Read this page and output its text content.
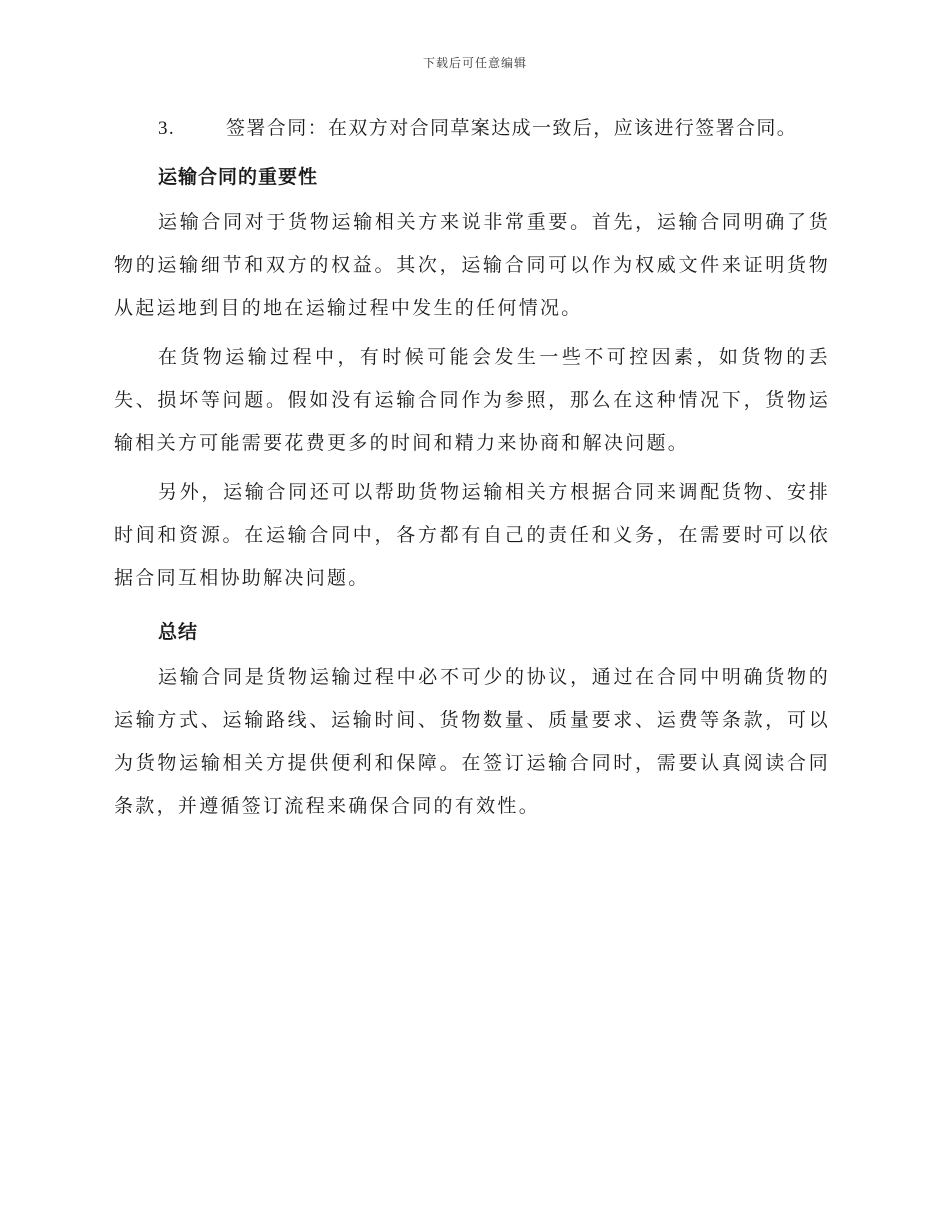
下载后可任意编辑
3.	签署合同：在双方对合同草案达成一致后，应该进行签署合同。
运输合同的重要性

运输合同对于货物运输相关方来说非常重要。首先，运输合同明确了货物的运输细节和双方的权益。其次，运输合同可以作为权威文件来证明货物从起运地到目的地在运输过程中发生的任何情况。

在货物运输过程中，有时候可能会发生一些不可控因素，如货物的丢失、损坏等问题。假如没有运输合同作为参照，那么在这种情况下，货物运输相关方可能需要花费更多的时间和精力来协商和解决问题。

另外，运输合同还可以帮助货物运输相关方根据合同来调配货物、安排时间和资源。在运输合同中，各方都有自己的责任和义务，在需要时可以依据合同互相协助解决问题。

总结

运输合同是货物运输过程中必不可少的协议，通过在合同中明确货物的运输方式、运输路线、运输时间、货物数量、质量要求、运费等条款，可以为货物运输相关方提供便利和保障。在签订运输合同时，需要认真阅读合同条款，并遵循签订流程来确保合同的有效性。
